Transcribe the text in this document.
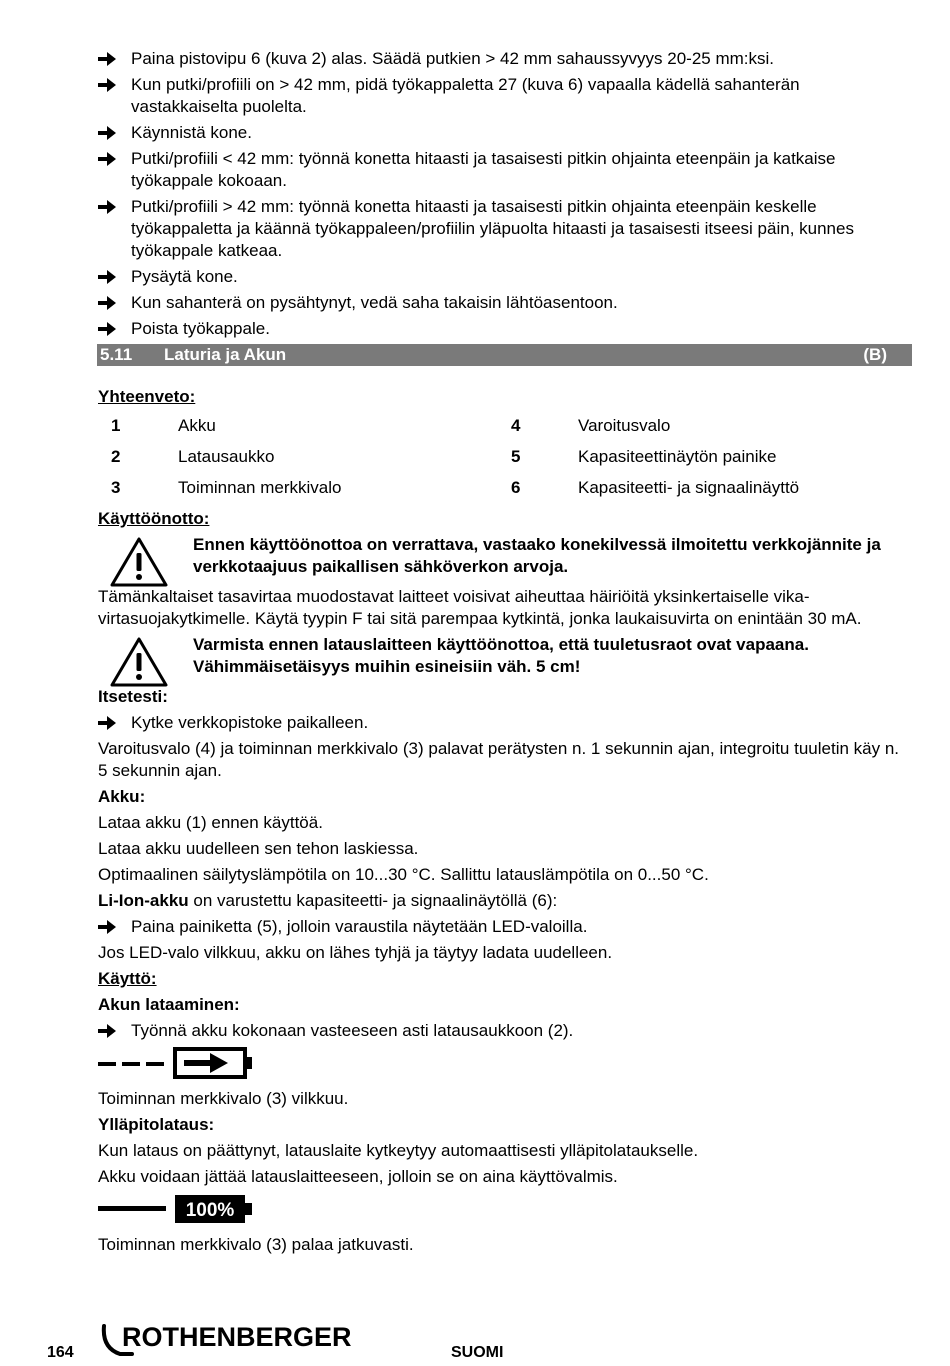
Paina pistovipu 6 (kuva 2) alas. Säädä putkien > 42 mm sahaussyvyys 20-25 mm:ksi.
Kun putki/profiili on > 42 mm, pidä työkappaletta 27 (kuva 6) vapaalla kädellä sahanterän vastakkaiselta puolelta.
Käynnistä kone.
Putki/profiili < 42 mm: työnnä konetta hitaasti ja tasaisesti pitkin ohjainta eteenpäin ja katkaise työkappale kokoaan.
Putki/profiili > 42 mm: työnnä konetta hitaasti ja tasaisesti pitkin ohjainta eteenpäin keskelle työkappaletta ja käännä työkappaleen/profiilin yläpuolta hitaasti ja tasaisesti itseesi päin, kunnes työkappale katkeaa.
Pysäytä kone.
Kun sahanterä on pysähtynyt, vedä saha takaisin lähtöasentoon.
Poista työkappale.
5.11	Laturia ja Akun	(B)
Yhteenveto:
1	Akku	4	Varoitusvalo
2	Latausaukko	5	Kapasiteettinäytön painike
3	Toiminnan merkkivalo	6	Kapasiteetti- ja signaalinäyttö
Käyttöönotto:
Ennen käyttöönottoa on verrattava, vastaako konekilvessä ilmoitettu verkkojännite ja verkkotaajuus paikallisen sähköverkon arvoja.
Tämänkaltaiset tasavirtaa muodostavat laitteet voisivat aiheuttaa häiriöitä yksinkertaiselle vikavirtasuojakytkimelle. Käytä tyypin F tai sitä parempaa kytkintä, jonka laukaisuvirta on enintään 30 mA.
Varmista ennen latauslaitteen käyttöönottoa, että tuuletusraot ovat vapaana. Vähimmäisetäisyys muihin esineisiin väh. 5 cm!
Itsetesti:
Kytke verkkopistoke paikalleen.
Varoitusvalo (4) ja toiminnan merkkivalo (3) palavat perätysten n. 1 sekunnin ajan, integroitu tuuletin käy n. 5 sekunnin ajan.
Akku:
Lataa akku (1) ennen käyttöä.
Lataa akku uudelleen sen tehon laskiessa.
Optimaalinen säilytyslämpötila on 10...30 °C. Sallittu latauslämpötila on 0...50 °C.
Li-Ion-akku on varustettu kapasiteetti- ja signaalinäytöllä (6):
Paina painiketta (5), jolloin varaustila näytetään LED-valoilla.
Jos LED-valo vilkkuu, akku on lähes tyhjä ja täytyy ladata uudelleen.
Käyttö:
Akun lataaminen:
Työnnä akku kokonaan vasteeseen asti latausaukkoon (2).
Toiminnan merkkivalo (3) vilkkuu.
Ylläpitolataus:
Kun lataus on päättynyt, latauslaite kytkeytyy automaattisesti ylläpitolataukselle.
Akku voidaan jättää latauslaitteeseen, jolloin se on aina käyttövalmis.
100%
Toiminnan merkkivalo (3) palaa jatkuvasti.
164
ROTHENBERGER
SUOMI
